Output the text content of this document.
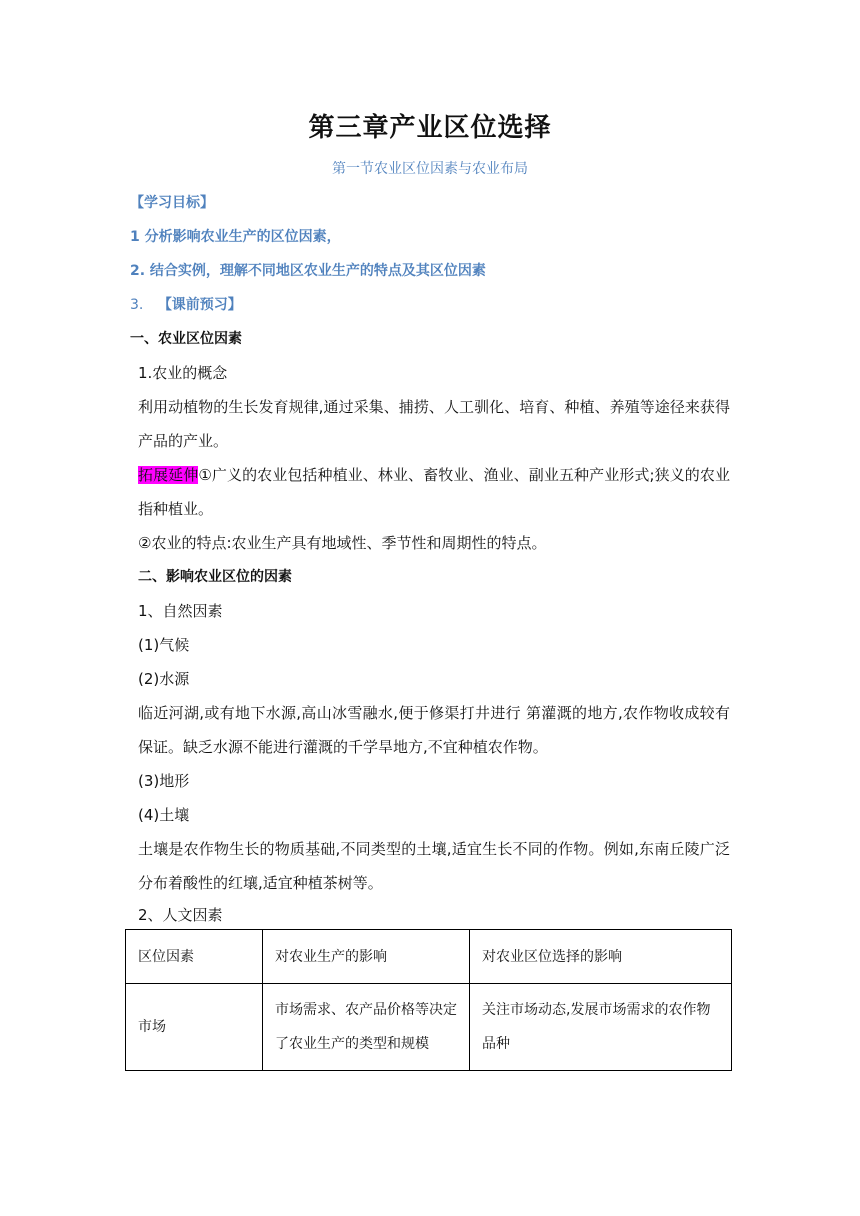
第三章产业区位选择
第一节农业区位因素与农业布局
【学习目标】
1 分析影响农业生产的区位因素，
2. 结合实例，理解不同地区农业生产的特点及其区位因素
3. 【课前预习】
一、农业区位因素
1.农业的概念
利用动植物的生长发育规律,通过采集、捕捞、人工驯化、培育、种植、养殖等途径来获得
产品的产业。
拓展延伸①广义的农业包括种植业、林业、畜牧业、渔业、副业五种产业形式;狭义的农业
指种植业。
②农业的特点:农业生产具有地域性、季节性和周期性的特点。
二、影响农业区位的因素
1、自然因素
(1)气候
(2)水源
临近河湖,或有地下水源,高山冰雪融水,便于修渠打井进行 第灌溉的地方,农作物收成较有
保证。缺乏水源不能进行灌溉的千学旱地方,不宜种植农作物。
(3)地形
(4)土壤
土壤是农作物生长的物质基础,不同类型的土壤,适宜生长不同的作物。例如,东南丘陵广泛
分布着酸性的红壤,适宜种植茶树等。
2、人文因素
区位因素	对农业生产的影响	对农业区位选择的影响
市场	市场需求、农产品价格等决定了农业生产的类型和规模	关注市场动态,发展市场需求的农作物品种
